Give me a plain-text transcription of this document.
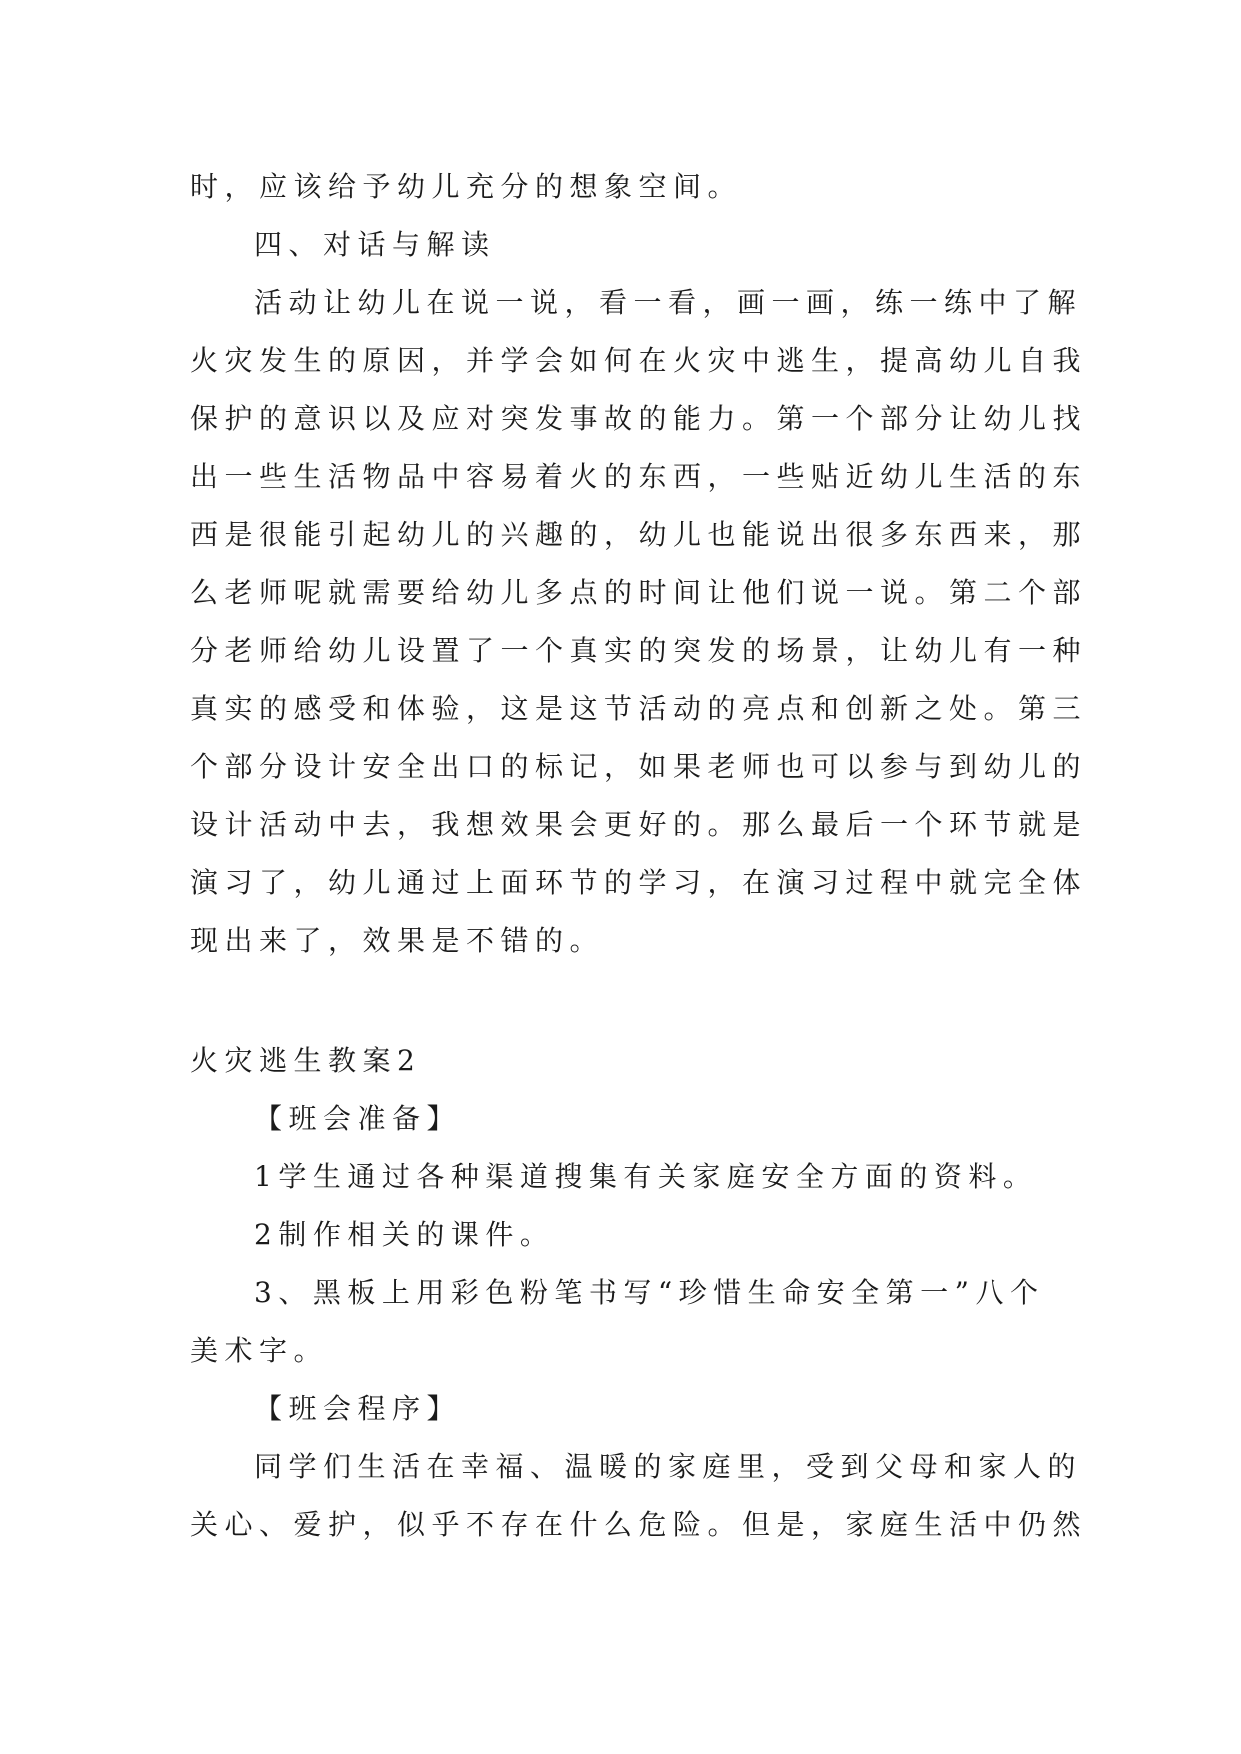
时，应该给予幼儿充分的想象空间。
四、对话与解读
活动让幼儿在说一说，看一看，画一画，练一练中了解
火灾发生的原因，并学会如何在火灾中逃生，提高幼儿自我
保护的意识以及应对突发事故的能力。第一个部分让幼儿找
出一些生活物品中容易着火的东西，一些贴近幼儿生活的东
西是很能引起幼儿的兴趣的，幼儿也能说出很多东西来，那
么老师呢就需要给幼儿多点的时间让他们说一说。第二个部
分老师给幼儿设置了一个真实的突发的场景，让幼儿有一种
真实的感受和体验，这是这节活动的亮点和创新之处。第三
个部分设计安全出口的标记，如果老师也可以参与到幼儿的
设计活动中去，我想效果会更好的。那么最后一个环节就是
演习了，幼儿通过上面环节的学习，在演习过程中就完全体
现出来了，效果是不错的。
火灾逃生教案2
【班会准备】
1学生通过各种渠道搜集有关家庭安全方面的资料。
2制作相关的课件。
3、黑板上用彩色粉笔书写“珍惜生命安全第一”八个
美术字。
【班会程序】
同学们生活在幸福、温暖的家庭里，受到父母和家人的
关心、爱护，似乎不存在什么危险。但是，家庭生活中仍然
